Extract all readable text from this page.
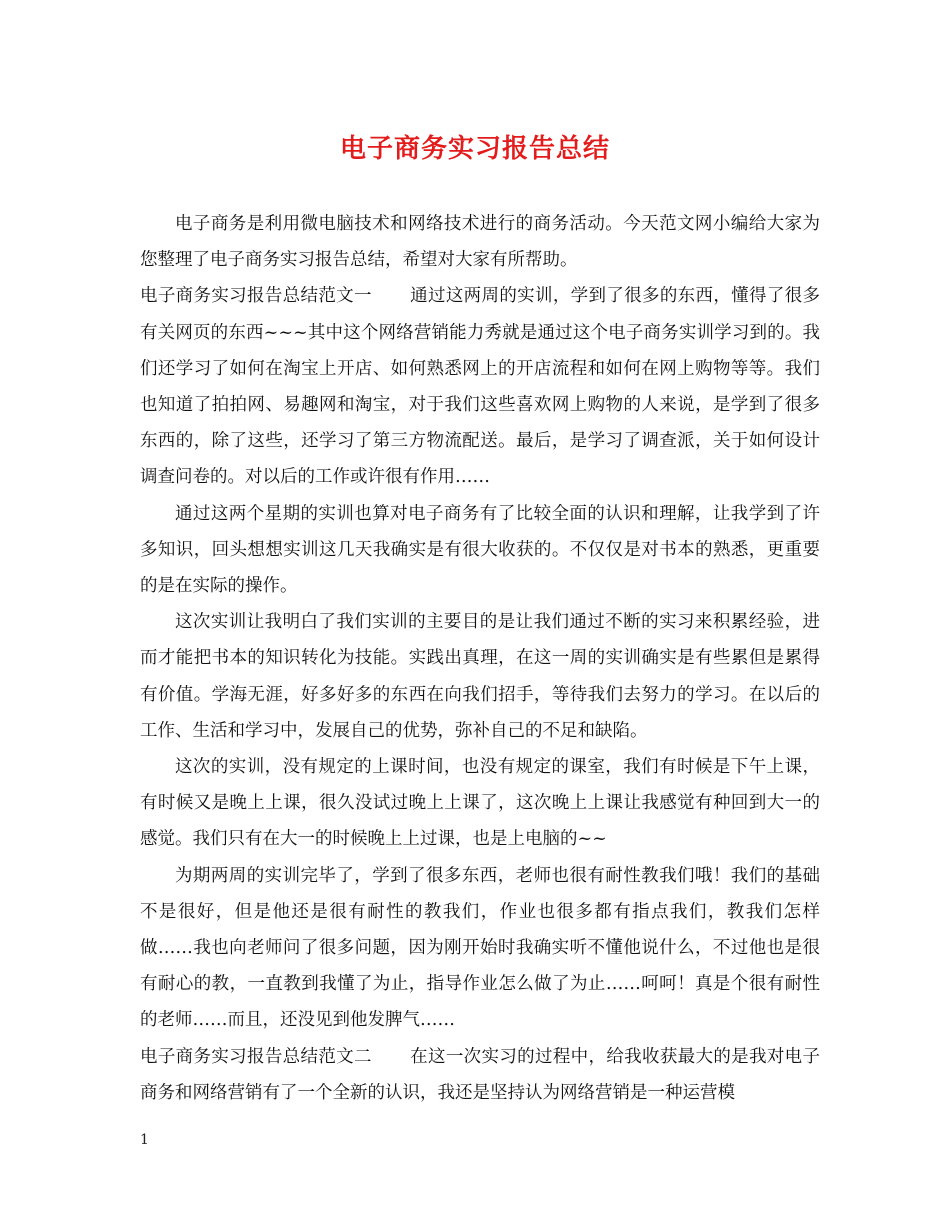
电子商务实习报告总结

电子商务是利用微电脑技术和网络技术进行的商务活动。今天范文网小编给大家为您整理了电子商务实习报告总结，希望对大家有所帮助。

电子商务实习报告总结范文一 通过这两周的实训，学到了很多的东西，懂得了很多有关网页的东西~~~其中这个网络营销能力秀就是通过这个电子商务实训学习到的。我们还学习了如何在淘宝上开店、如何熟悉网上的开店流程和如何在网上购物等等。我们也知道了拍拍网、易趣网和淘宝，对于我们这些喜欢网上购物的人来说，是学到了很多东西的，除了这些，还学习了第三方物流配送。最后，是学习了调查派，关于如何设计调查问卷的。对以后的工作或许很有作用……

通过这两个星期的实训也算对电子商务有了比较全面的认识和理解，让我学到了许多知识，回头想想实训这几天我确实是有很大收获的。不仅仅是对书本的熟悉，更重要的是在实际的操作。

这次实训让我明白了我们实训的主要目的是让我们通过不断的实习来积累经验，进而才能把书本的知识转化为技能。实践出真理，在这一周的实训确实是有些累但是累得有价值。学海无涯，好多好多的东西在向我们招手，等待我们去努力的学习。在以后的工作、生活和学习中，发展自己的优势，弥补自己的不足和缺陷。

这次的实训，没有规定的上课时间，也没有规定的课室，我们有时候是下午上课，有时候又是晚上上课，很久没试过晚上上课了，这次晚上上课让我感觉有种回到大一的感觉。我们只有在大一的时候晚上上过课，也是上电脑的~~

为期两周的实训完毕了，学到了很多东西，老师也很有耐性教我们哦！我们的基础不是很好，但是他还是很有耐性的教我们，作业也很多都有指点我们，教我们怎样做……我也向老师问了很多问题，因为刚开始时我确实听不懂他说什么，不过他也是很有耐心的教，一直教到我懂了为止，指导作业怎么做了为止……呵呵！真是个很有耐性的老师……而且，还没见到他发脾气……

电子商务实习报告总结范文二 在这一次实习的过程中，给我收获最大的是我对电子商务和网络营销有了一个全新的认识，我还是坚持认为网络营销是一种运营模

1
